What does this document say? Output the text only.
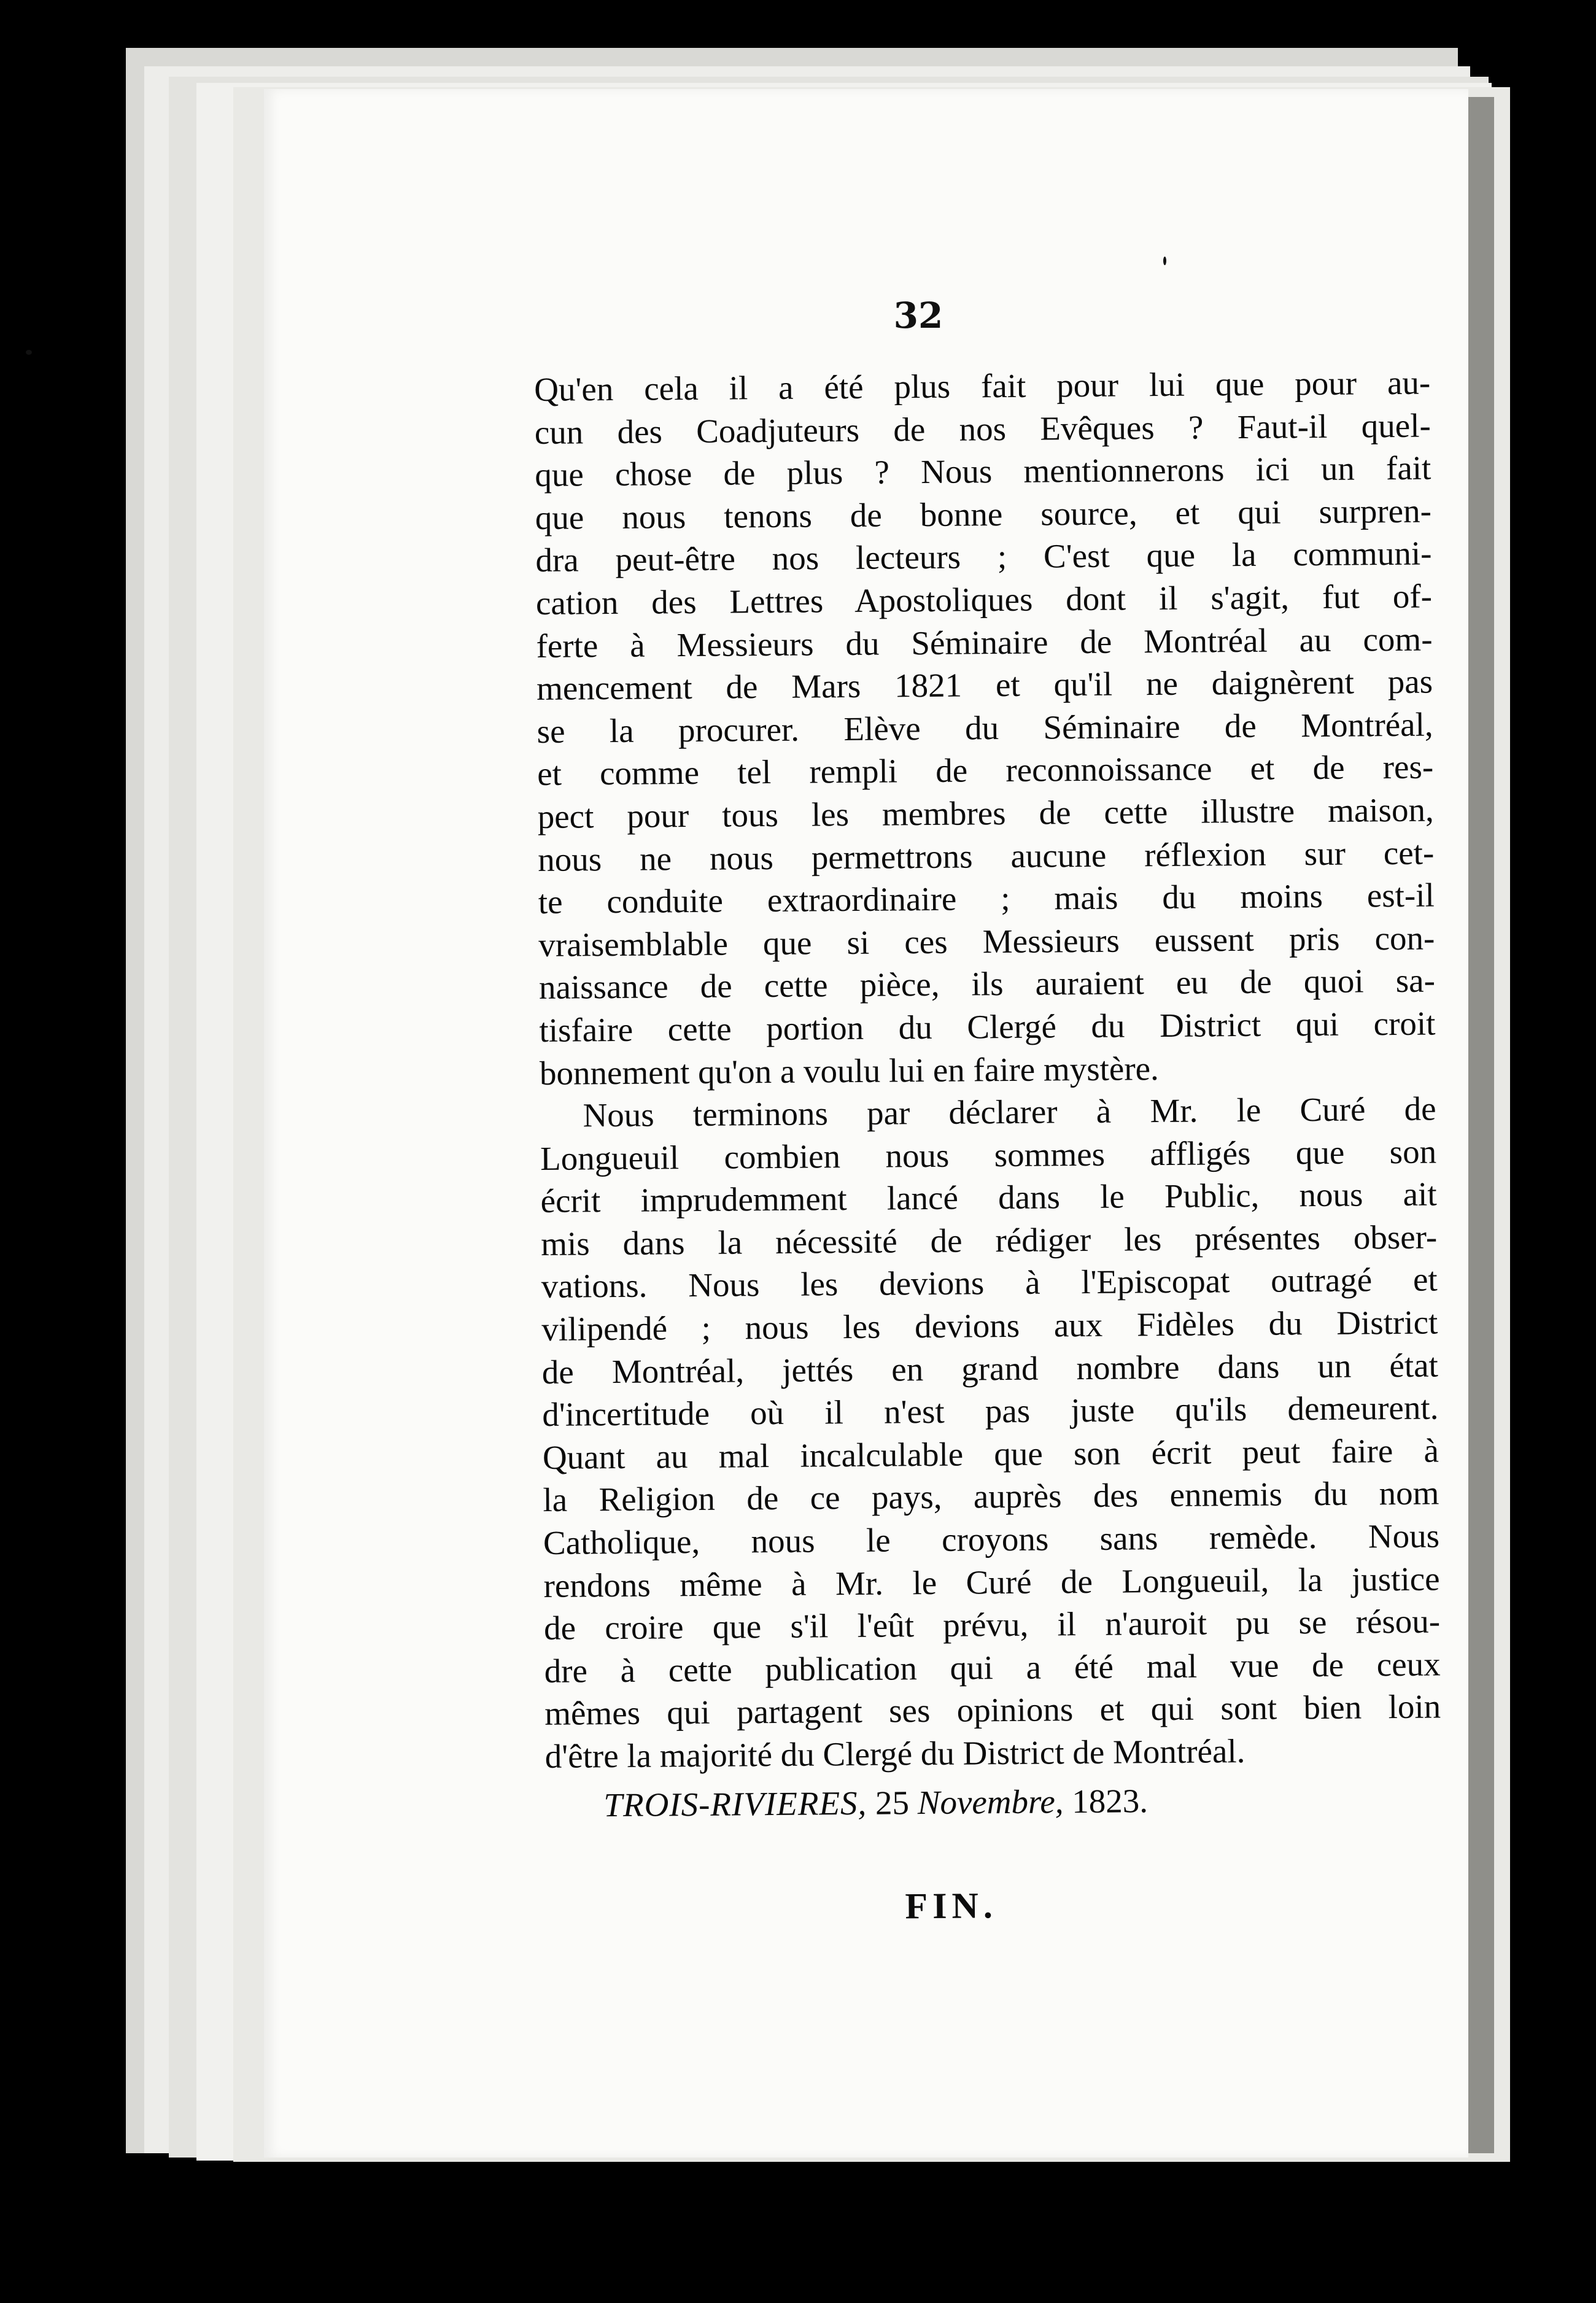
32
Qu'en cela il a été plus fait pour lui que pour au-
cun des Coadjuteurs de nos Evêques ? Faut-il quel-
que chose de plus ? Nous mentionnerons ici un fait
que nous tenons de bonne source, et qui surpren-
dra peut-être nos lecteurs ; C'est que la communi-
cation des Lettres Apostoliques dont il s'agit, fut of-
ferte à Messieurs du Séminaire de Montréal au com-
mencement de Mars 1821 et qu'il ne daignèrent pas
se la procurer. Elève du Séminaire de Montréal,
et comme tel rempli de reconnoissance et de res-
pect pour tous les membres de cette illustre maison,
nous ne nous permettrons aucune réflexion sur cet-
te conduite extraordinaire ; mais du moins est-il
vraisemblable que si ces Messieurs eussent pris con-
naissance de cette pièce, ils auraient eu de quoi sa-
tisfaire cette portion du Clergé du District qui croit
bonnement qu'on a voulu lui en faire mystère.
Nous terminons par déclarer à Mr. le Curé de
Longueuil combien nous sommes affligés que son
écrit imprudemment lancé dans le Public, nous ait
mis dans la nécessité de rédiger les présentes obser-
vations. Nous les devions à l'Episcopat outragé et
vilipendé ; nous les devions aux Fidèles du District
de Montréal, jettés en grand nombre dans un état
d'incertitude où il n'est pas juste qu'ils demeurent.
Quant au mal incalculable que son écrit peut faire à
la Religion de ce pays, auprès des ennemis du nom
Catholique, nous le croyons sans remède. Nous
rendons même à Mr. le Curé de Longueuil, la justice
de croire que s'il l'eût prévu, il n'auroit pu se résou-
dre à cette publication qui a été mal vue de ceux
mêmes qui partagent ses opinions et qui sont bien loin
d'être la majorité du Clergé du District de Montréal.
TROIS-RIVIERES, 25 Novembre, 1823.
FIN.
